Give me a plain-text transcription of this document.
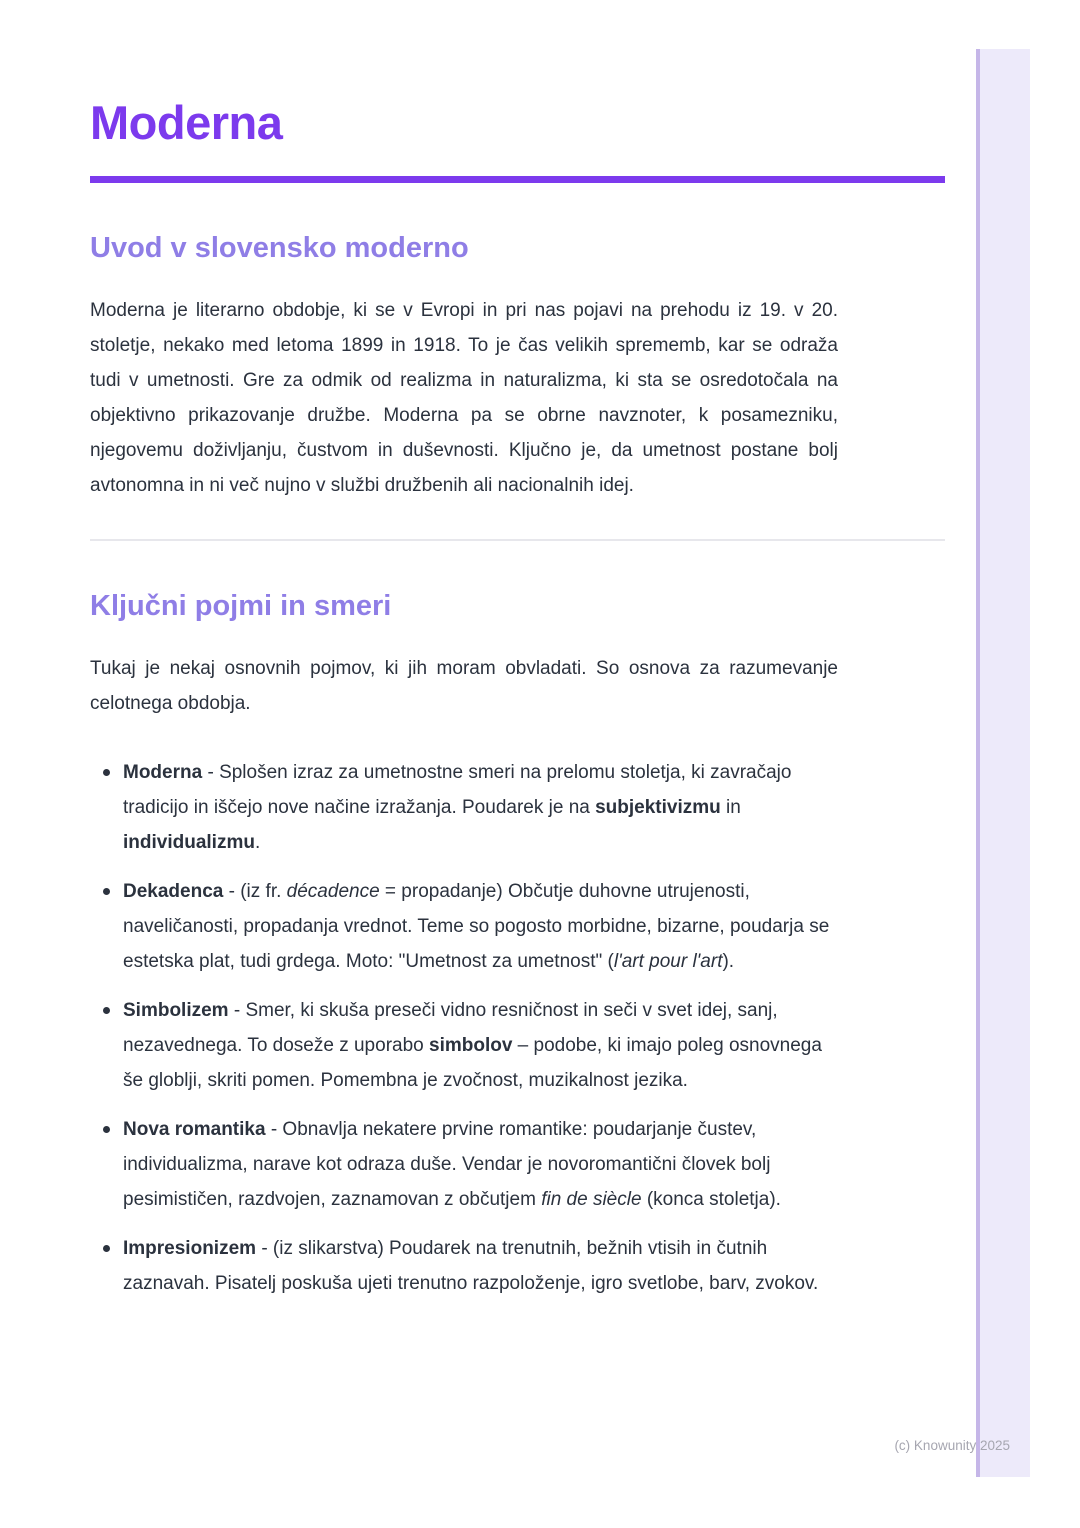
Moderna
Uvod v slovensko moderno

Moderna je literarno obdobje, ki se v Evropi in pri nas pojavi na prehodu iz 19. v 20. stoletje, nekako med letoma 1899 in 1918. To je čas velikih sprememb, kar se odraža tudi v umetnosti. Gre za odmik od realizma in naturalizma, ki sta se osredotočala na objektivno prikazovanje družbe. Moderna pa se obrne navznoter, k posamezniku, njegovemu doživljanju, čustvom in duševnosti. Ključno je, da umetnost postane bolj avtonomna in ni več nujno v službi družbenih ali nacionalnih idej.

Ključni pojmi in smeri

Tukaj je nekaj osnovnih pojmov, ki jih moram obvladati. So osnova za razumevanje celotnega obdobja.

Moderna - Splošen izraz za umetnostne smeri na prelomu stoletja, ki zavračajo tradicijo in iščejo nove načine izražanja. Poudarek je na subjektivizmu in individualizmu.
Dekadenca - (iz fr. décadence = propadanje) Občutje duhovne utrujenosti, naveličanosti, propadanja vrednot. Teme so pogosto morbidne, bizarne, poudarja se estetska plat, tudi grdega. Moto: "Umetnost za umetnost" (l'art pour l'art).
Simbolizem - Smer, ki skuša preseči vidno resničnost in seči v svet idej, sanj, nezavednega. To doseže z uporabo simbolov – podobe, ki imajo poleg osnovnega še globlji, skriti pomen. Pomembna je zvočnost, muzikalnost jezika.
Nova romantika - Obnavlja nekatere prvine romantike: poudarjanje čustev, individualizma, narave kot odraza duše. Vendar je novoromantični človek bolj pesimističen, razdvojen, zaznamovan z občutjem fin de siècle (konca stoletja).
Impresionizem - (iz slikarstva) Poudarek na trenutnih, bežnih vtisih in čutnih zaznavah. Pisatelj poskuša ujeti trenutno razpoloženje, igro svetlobe, barv, zvokov.
(c) Knowunity 2025
